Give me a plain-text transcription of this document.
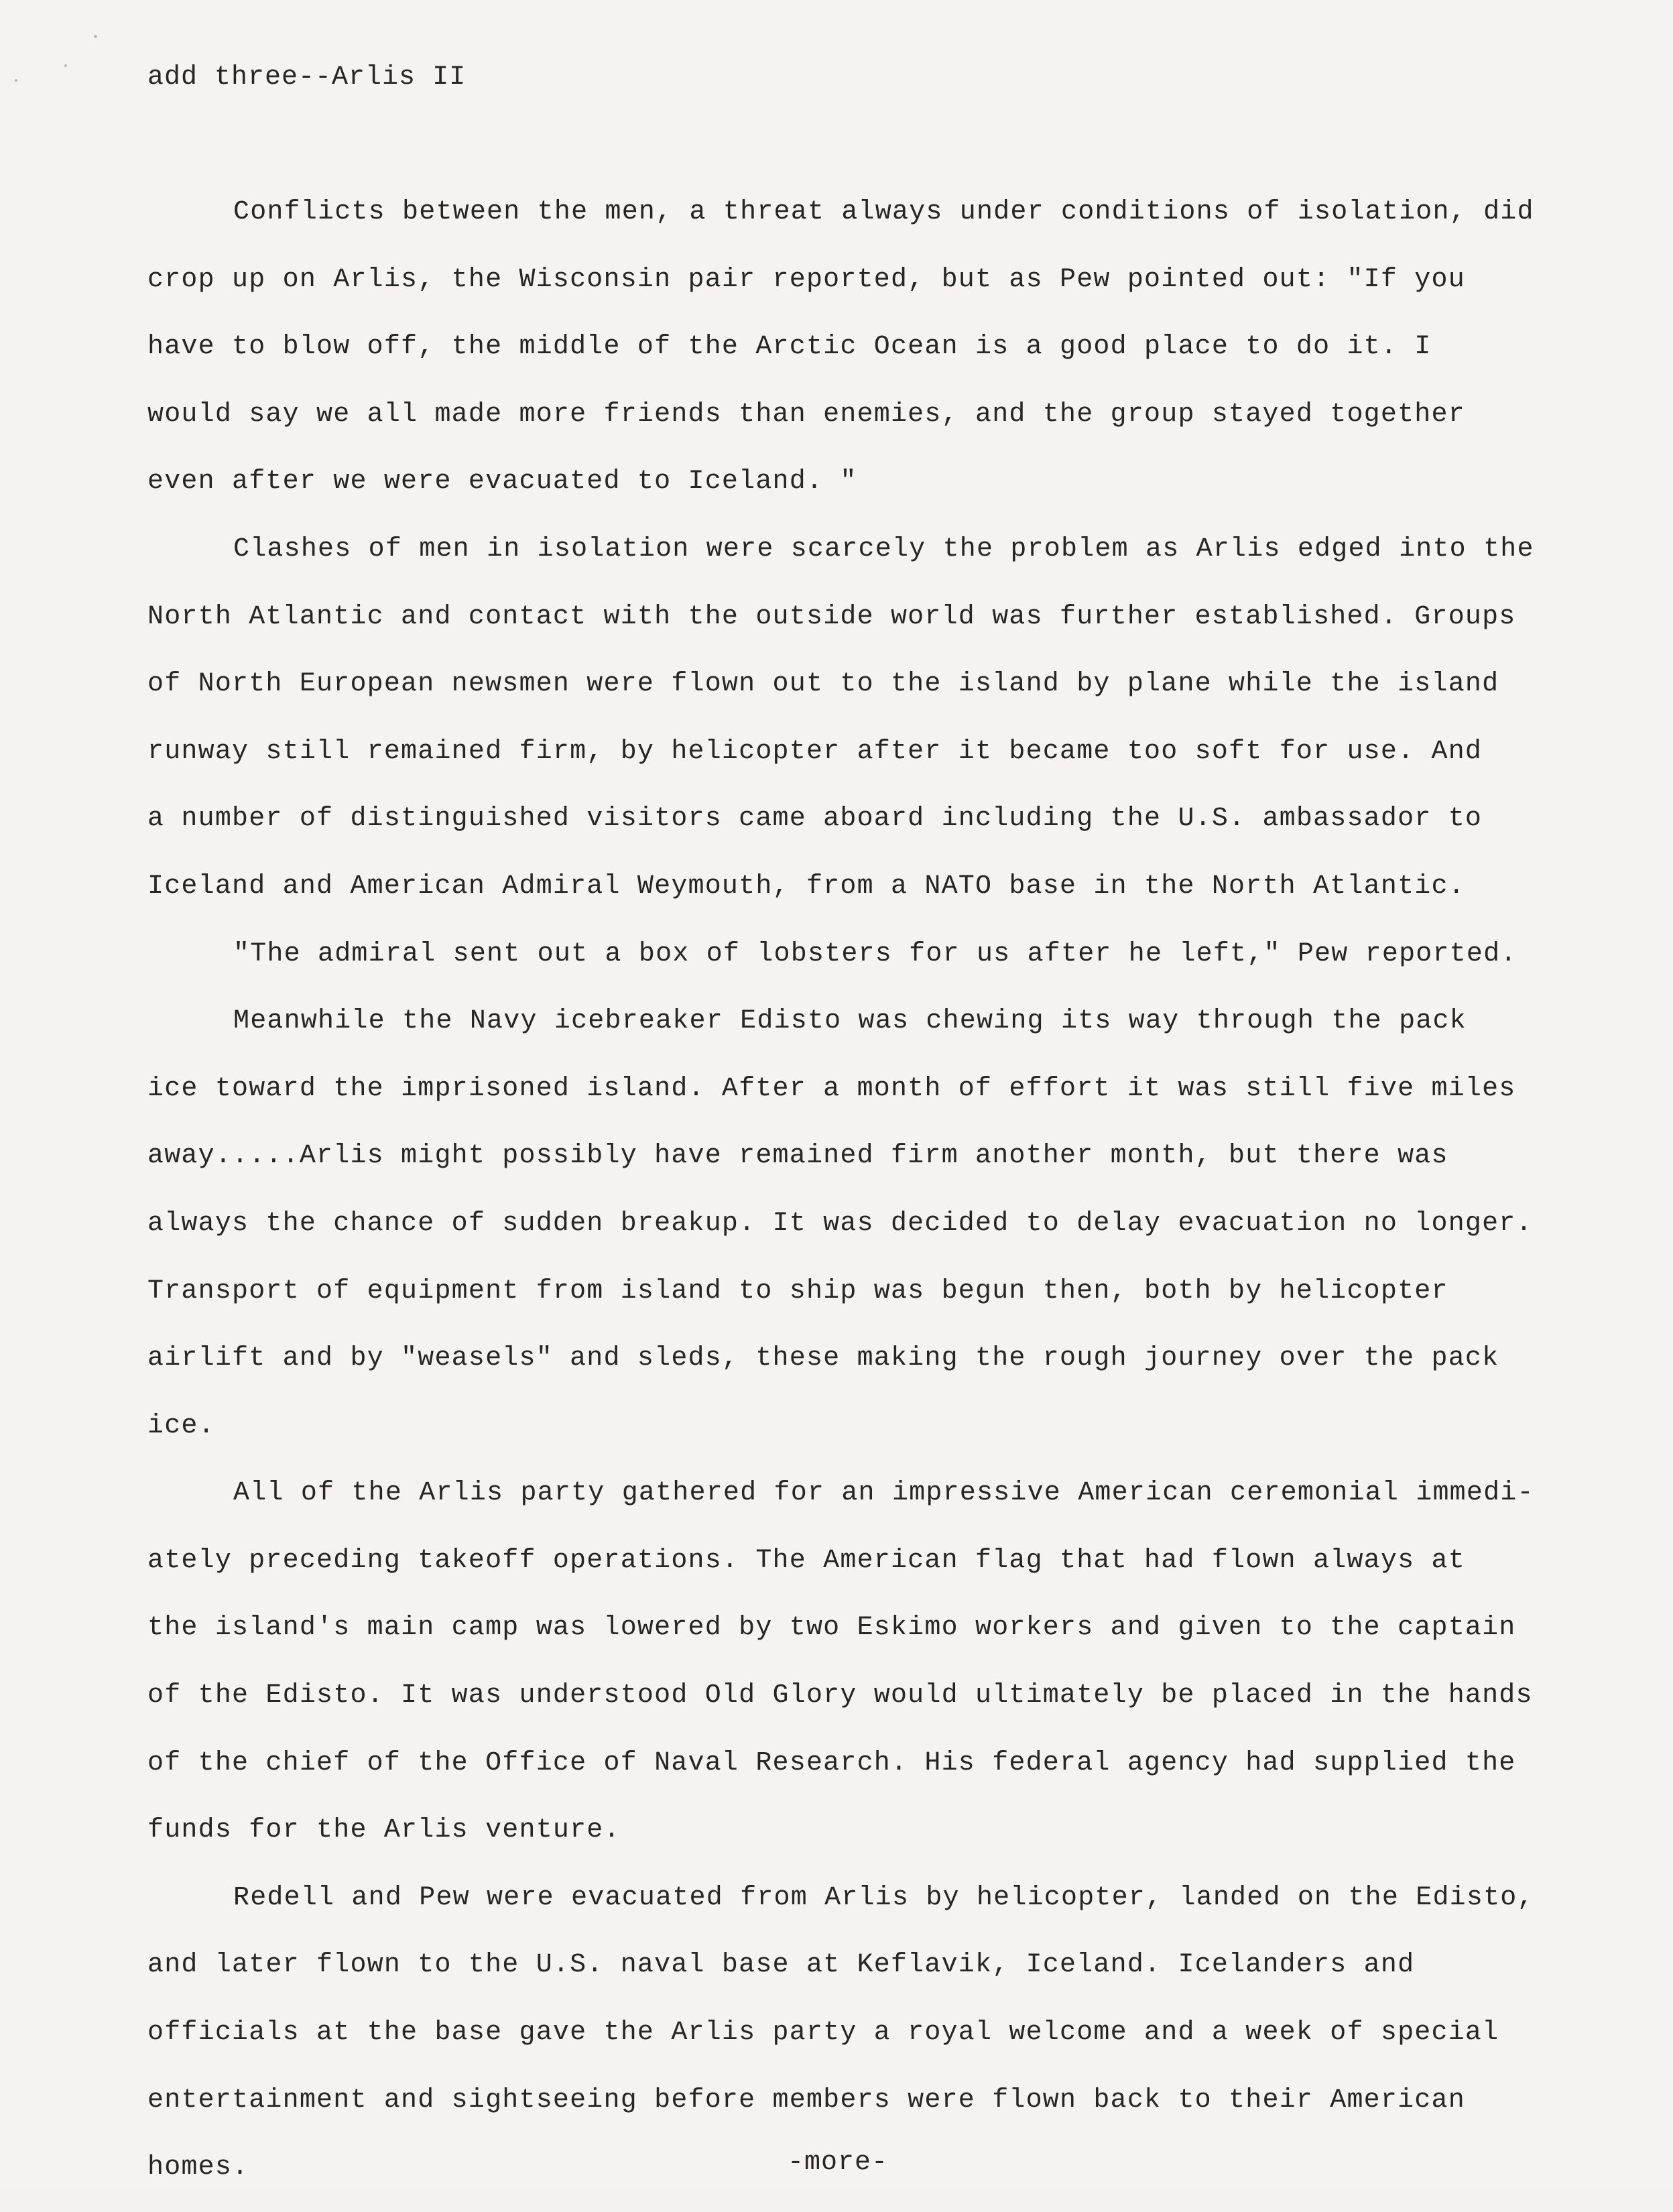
add three--Arlis II
Conflicts between the men, a threat always under conditions of isolation, did
crop up on Arlis, the Wisconsin pair reported, but as Pew pointed out: "If you
have to blow off, the middle of the Arctic Ocean is a good place to do it. I
would say we all made more friends than enemies, and the group stayed together
even after we were evacuated to Iceland. "
Clashes of men in isolation were scarcely the problem as Arlis edged into the
North Atlantic and contact with the outside world was further established. Groups
of North European newsmen were flown out to the island by plane while the island
runway still remained firm, by helicopter after it became too soft for use. And
a number of distinguished visitors came aboard including the U.S. ambassador to
Iceland and American Admiral Weymouth, from a NATO base in the North Atlantic.
"The admiral sent out a box of lobsters for us after he left," Pew reported.
Meanwhile the Navy icebreaker Edisto was chewing its way through the pack
ice toward the imprisoned island. After a month of effort it was still five miles
away.....Arlis might possibly have remained firm another month, but there was
always the chance of sudden breakup. It was decided to delay evacuation no longer.
Transport of equipment from island to ship was begun then, both by helicopter
airlift and by "weasels" and sleds, these making the rough journey over the pack
ice.
All of the Arlis party gathered for an impressive American ceremonial immedi-
ately preceding takeoff operations. The American flag that had flown always at
the island's main camp was lowered by two Eskimo workers and given to the captain
of the Edisto. It was understood Old Glory would ultimately be placed in the hands
of the chief of the Office of Naval Research. His federal agency had supplied the
funds for the Arlis venture.
Redell and Pew were evacuated from Arlis by helicopter, landed on the Edisto,
and later flown to the U.S. naval base at Keflavik, Iceland. Icelanders and
officials at the base gave the Arlis party a royal welcome and a week of special
entertainment and sightseeing before members were flown back to their American
homes.	-more-
